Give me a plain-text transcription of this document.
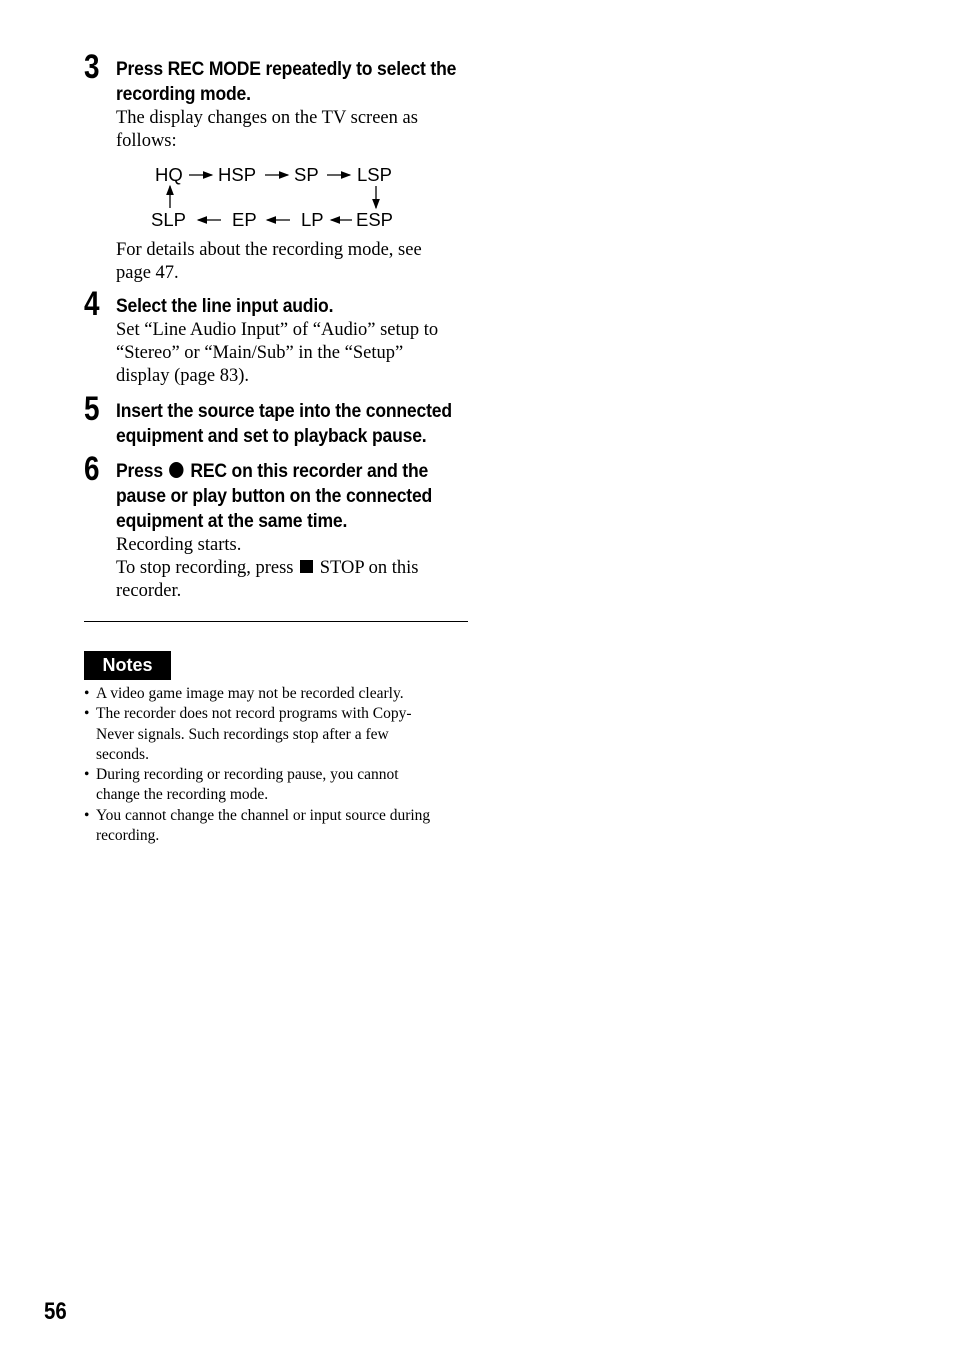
3 Press REC MODE repeatedly to select the
recording mode.
The display changes on the TV screen as
follows:
HQ HSP SP LSP
ESP
LP
EP
SLP
For details about the recording mode, see
page 47.
4 Select the line input audio.
Set “Line Audio Input” of “Audio” setup to
“Stereo” or “Main/Sub” in the “Setup”
display (page 83).
5 Insert the source tape into the connected
equipment and set to playback pause.
6 Press REC on this recorder and the
pause or play button on the connected
equipment at the same time.
Recording starts.
To stop recording, press STOP on this
recorder.
Notes
• A video game image may not be recorded clearly.
• The recorder does not record programs with Copy-
Never signals. Such recordings stop after a few
seconds.
• During recording or recording pause, you cannot
change the recording mode.
• You cannot change the channel or input source during
recording.
56
